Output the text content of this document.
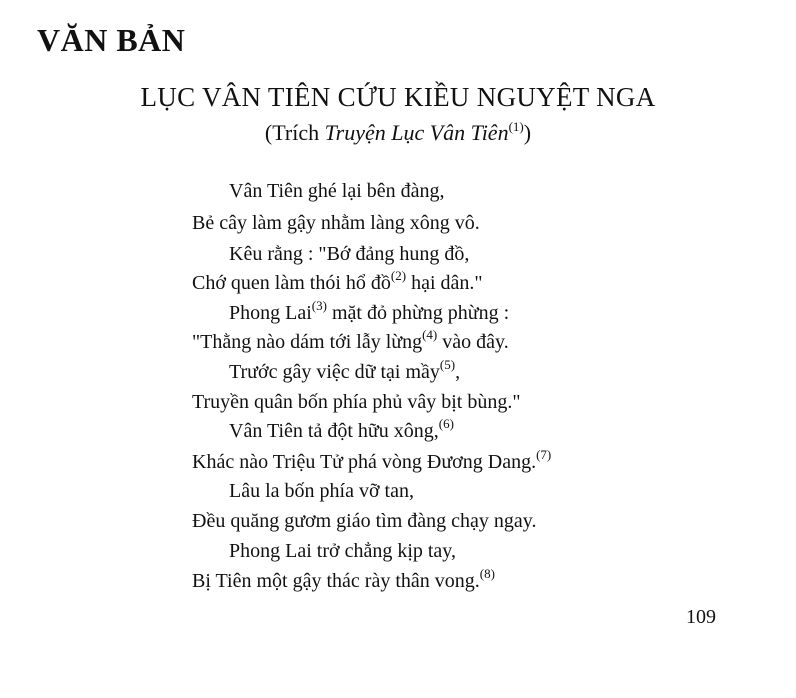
VĂN BẢN
LỤC VÂN TIÊN CỨU KIỀU NGUYỆT NGA
(Trích Truyện Lục Vân Tiên$^{(1)}$)
Vân Tiên ghé lại bên đàng,
Bẻ cây làm gậy nhằm làng xông vô.
Kêu rằng : "Bớ đảng hung đồ,
Chớ quen làm thói hổ đồ$^{(2)}$ hại dân."
Phong Lai$^{(3)}$ mặt đỏ phừng phừng :
"Thằng nào dám tới lẫy lừng$^{(4)}$ vào đây.
Trước gây việc dữ tại mầy$^{(5)}$,
Truyền quân bốn phía phủ vây bịt bùng."
Vân Tiên tả đột hữu xông,$^{(6)}$
Khác nào Triệu Tử phá vòng Đương Dang.$^{(7)}$
Lâu la bốn phía vỡ tan,
Đều quăng gươm giáo tìm đàng chạy ngay.
Phong Lai trở chẳng kịp tay,
Bị Tiên một gậy thác rày thân vong.$^{(8)}$
109
